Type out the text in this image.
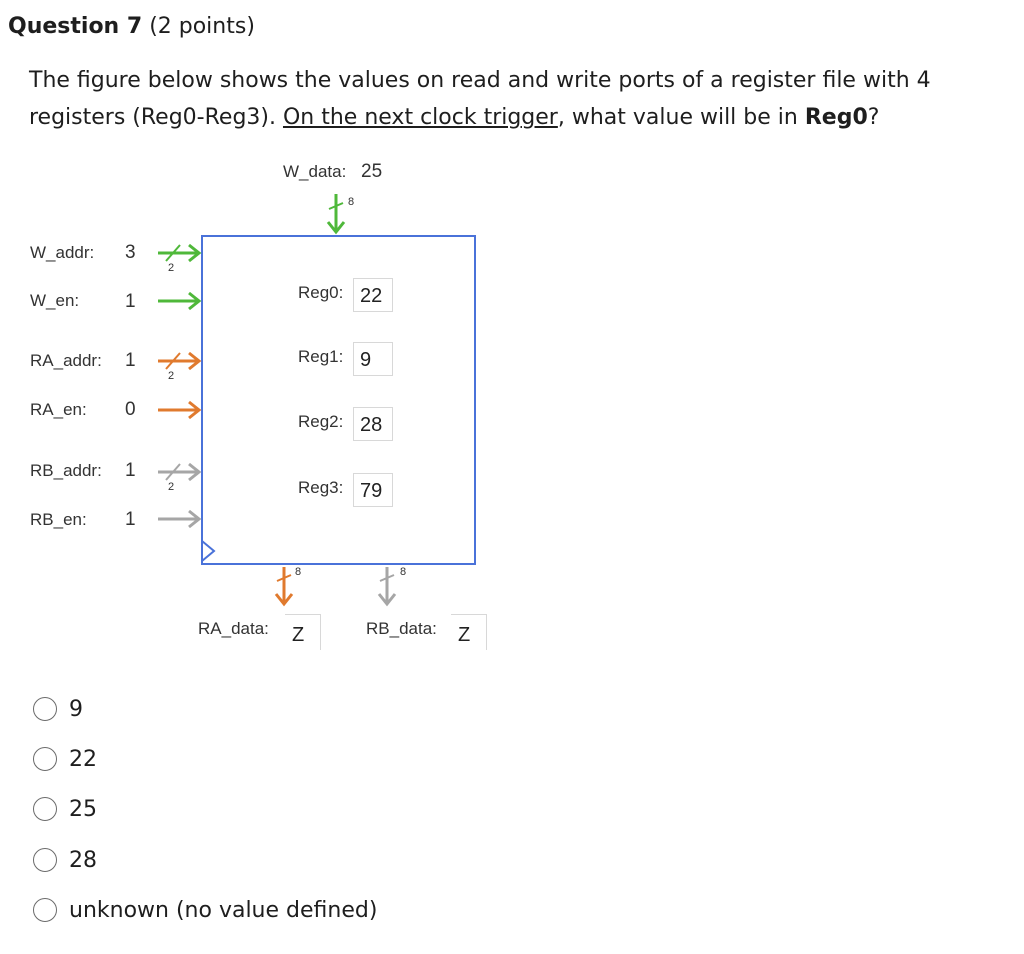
Question 7 (2 points)
The figure below shows the values on read and write ports of a register file with 4 registers (Reg0-Reg3). On the next clock trigger, what value will be in Reg0?
W_data: 25
8
W_addr: 3
2
W_en: 1
RA_addr: 1
2
RA_en: 0
RB_addr: 1
2
RB_en: 1
Reg0: 22
Reg1: 9
Reg2: 28
Reg3: 79
8
RA_data:	Z
8
RB_data:	Z
9
22
25
28
unknown (no value defined)
